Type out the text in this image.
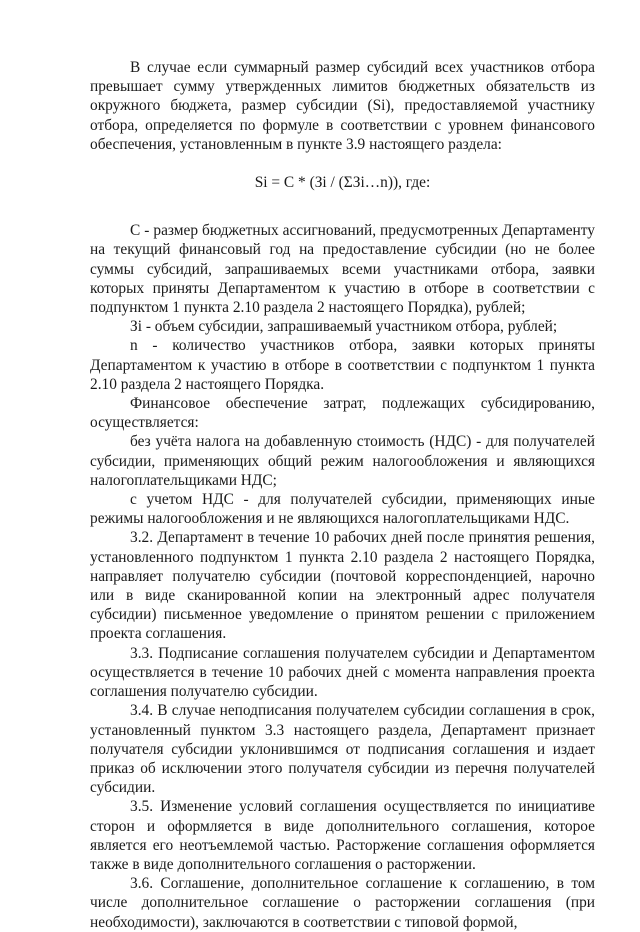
В случае если суммарный размер субсидий всех участников отбора превышает сумму утвержденных лимитов бюджетных обязательств из окружного бюджета, размер субсидии (Si), предоставляемой участнику отбора, определяется по формуле в соответствии с уровнем финансового обеспечения, установленным в пункте 3.9 настоящего раздела:

Si = C * (Зi / (ΣЗi…n)), где:

С - размер бюджетных ассигнований, предусмотренных Департаменту на текущий финансовый год на предоставление субсидии (но не более суммы субсидий, запрашиваемых всеми участниками отбора, заявки которых приняты Департаментом к участию в отборе в соответствии с подпунктом 1 пункта 2.10 раздела 2 настоящего Порядка), рублей;

Зi - объем субсидии, запрашиваемый участником отбора, рублей;

n - количество участников отбора, заявки которых приняты Департаментом к участию в отборе в соответствии с подпунктом 1 пункта 2.10 раздела 2 настоящего Порядка.

Финансовое обеспечение затрат, подлежащих субсидированию, осуществляется:

без учёта налога на добавленную стоимость (НДС) - для получателей субсидии, применяющих общий режим налогообложения и являющихся налогоплательщиками НДС;

с учетом НДС - для получателей субсидии, применяющих иные режимы налогообложения и не являющихся налогоплательщиками НДС.

3.2. Департамент в течение 10 рабочих дней после принятия решения, установленного подпунктом 1 пункта 2.10 раздела 2 настоящего Порядка, направляет получателю субсидии (почтовой корреспонденцией, нарочно или в виде сканированной копии на электронный адрес получателя субсидии) письменное уведомление о принятом решении с приложением проекта соглашения.

3.3. Подписание соглашения получателем субсидии и Департаментом осуществляется в течение 10 рабочих дней с момента направления проекта соглашения получателю субсидии.

3.4. В случае неподписания получателем субсидии соглашения в срок, установленный пунктом 3.3 настоящего раздела, Департамент признает получателя субсидии уклонившимся от подписания соглашения и издает приказ об исключении этого получателя субсидии из перечня получателей субсидии.

3.5. Изменение условий соглашения осуществляется по инициативе сторон и оформляется в виде дополнительного соглашения, которое является его неотъемлемой частью. Расторжение соглашения оформляется также в виде дополнительного соглашения о расторжении.

3.6. Соглашение, дополнительное соглашение к соглашению, в том числе дополнительное соглашение о расторжении соглашения (при необходимости), заключаются в соответствии с типовой формой,
